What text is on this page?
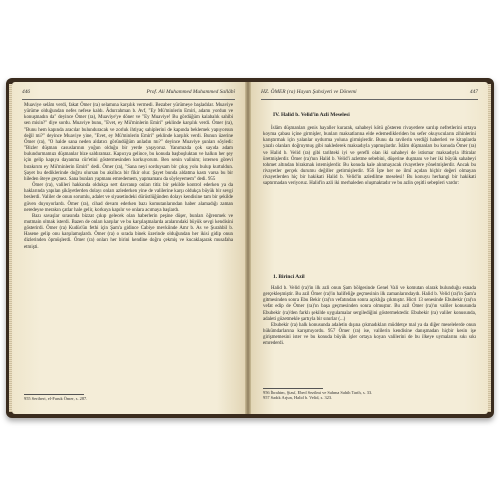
446	Prof. Ali Muhammed Muhammed Sallâbî

Muaviye selâm verdi, fakat Ömer (ra) selamına karşılık vermedi. Bezaber yürümeye başladılar. Muaviye yürüme olduğundan nefes nefese kaldı. Âdurrahman b. Avf, "Ey Mü'minlerin Emiri, adamı yordun ve konuşmadın da" deyince Ömer (ra), Muaviye'ye döner ve "Ey Muaviye! Bu gördüğüm kalabalık sahibi sen misin?" diye sordu. Muaviye bunu, "Evet, ey Mü'minlerin Emiri" şeklinde karşılık verdi. Ömer (ra), "Bunu hem kapında aracılar bulunduracak ve zorluk ihtiyaç sahiplerini de kapında beklemek yapıyorsun değil mi?" deyince Muaviye yine, "Evet, ey Mü'minlerin Emiri" şeklinde karşılık verdi. Bunun üzerine Ömer (ra), "O halde sana neden aldatıcı göründüğüm anladın mı?" deyince Muaviye şunları söyledi: "Bizler düşman casuslarının yoğun olduğu bir yerde yaşıyoruz. Yanımızda çok sayıda adam bulundurmamızı düşmanlar bize saldıramaz. Kapıcıya gelince, bu konuda başboşluktan ve halkın her şey için gelip kapıya dayanma cür'etini göstermesinden korkuyorum. Ben senin valinim; istersen görevi bırakırım ey Mü'minlerin Emiri" dedi. Ömer (ra), "Sana neyi sorduysam bir çıkış yolu bulup kurtuldun. Şayet bu dediklerinde doğru olursan bu akıllıca bir fikir olur. Şayet bunda aldatma kastı varsa bu bir hileden öteye geçmez. Sana bunları yapmanı emredemem, yapmamanı da söyleyemem" dedi. 955

Ömer (ra), valileri hakkında oldukça sert davranıp onları titiz bir şekilde kontrol ederken ya da haklarında yapılan şikâyetlerden dolayı onları azlederken yine de valilerine karşı oldukça büyük bir sevgi beslerdi. Valiler de onun sorumlu, adalet ve siyasetindeki dürüstlüğünden dolayı kendisine tam bir şekilde güven duyuyorlardı. Ömer (ra), cihad devam ederken bazı komutanlarından haber alamadığı zaman neredeyse merakın çatlar hale gelir, korkuya kapılır ve onlara acımaya başlardı.

Bazı savaşlar sırasında bizzat çıkıp gelecek olan haberlerin peşine düşer, bunları öğrenmek ve mutmain olmak isterdi. Bazen de onları karşılar ve bu karşılaşmalarda aralarındaki büyük sevgi kendisini gösterirdi. Ömer (ra) Kudüs'ün fethi için Şam'a gidince Cabiye mevkiinde Amr b. As ve Şurahbil b. Hasene gelip onu karşılamışlardı. Ömer (ra) o sırada binek üzerinde olduğundan her ikisi gidip onun dizlerinden öpmüşlerdi. Ömer (ra) onları her birini kendine doğru çekmiş ve kucaklaşarak musafaha etmişti.

955 Seriheri, el-Faruk Ömer, s. 287.
HZ. ÖMER (ra) Hayatı Şahsiyeti ve Dönemi	447
IV. Halid b. Velid'in Azli Meselesi

İslâm düşmanları genis hayaller kurarak, sahabeyi kötü gösteren rivayetlere sarılıp nefretlerini ortaya koyma çabası içine girmişler, bunları maksatlarına elde edemedikleriden bu sefer okuyucuların zihinlerini karıştırmak için yalanlar uydurma yoluna girmişlerdir. Bunu da ravilerin verdiği haberleri ve kitaplarda yazılı olanları doğruymuş gibi naklederek maksadıyla yapmışlardır. İslâm düşmanları bu konuda Ömer (ra) ve Halid b. Velid (ra) gibi tarihteki iyi ve şerefli olan iki sahabeyi de istismar maksadıyla iftiralar üretmişlerdir. Ömer (ra)'nın Halid b. Velid'i azletme sebebini, düşerine duşmanı ve her iki büyük sahabeyi tohmet altından birakmak istemişlerdir. Bu konuda kale alınmayacak rivayetlere yönelmişlerdir. Ancak bu rivayetler gerçek durumu değiller getirmişlerdir. 956 İşte her ne ilmî açıdan hiçbir değeri olmayan rivayetlerden hiç bir hakikati Halid b. Velid'in azledilme meselesi! Bu konuyu herhangi bir hakikati saptırmadan veriyoruz. Halid'in azli iki merhaleden oluşmaktadır ve bu azlin çeşitli sebepleri vardır:

1. Birinci Azil

Halid b. Velid (ra)'in ilk azli onun Şam bölgesinde Genel Vali ve komutan olarak bulunduğu esnada gerçekleşmiştir. Bu azil Ömer (ra)'in halifeliğe geçmesinin ilk zamanlarındaydı. Halid b. Velid (ra)'in Şam'a gitmesinden sonra Ebu Bekir (ra)'ın vefatından sonra açıklığa çıkmıştır. Hicri 13 senesinde Ebubekir (ra)'ın vefat edip de Ömer (ra)'ın başa geçmesinden sonra olmuştur. Bu azil Ömer (ra)'ın valiler konusunda Ebubekir (ra)'den farklı şekilde uygulamalar sergilediğini göstermektedir. Ebubekir (ra) valiler konusunda, adaleti gözetmekle şartıyla bir sınırlar (...)

Ebubekir (ra) halk konusunda adaletin dışına çıkmadıkları müddetçe mal ya da diğer meselelerde onun hükümdarlarına karışmıyordu. 957 Ömer (ra) ise, valilerin kendisine danışmadan hiçbir kesin işe girişmemesini ister ve bu konuda büyük işler ortaya koyan valilerini de bu ilkeye uymalarını sıkı sıkı emrederdi.

956 İbrahim, Şiasî, Ebed Sezilmi ve Sahma Sahih Tarih, s. 33.
957 Sadık Arjun, Halid b. Velid, s. 323.
